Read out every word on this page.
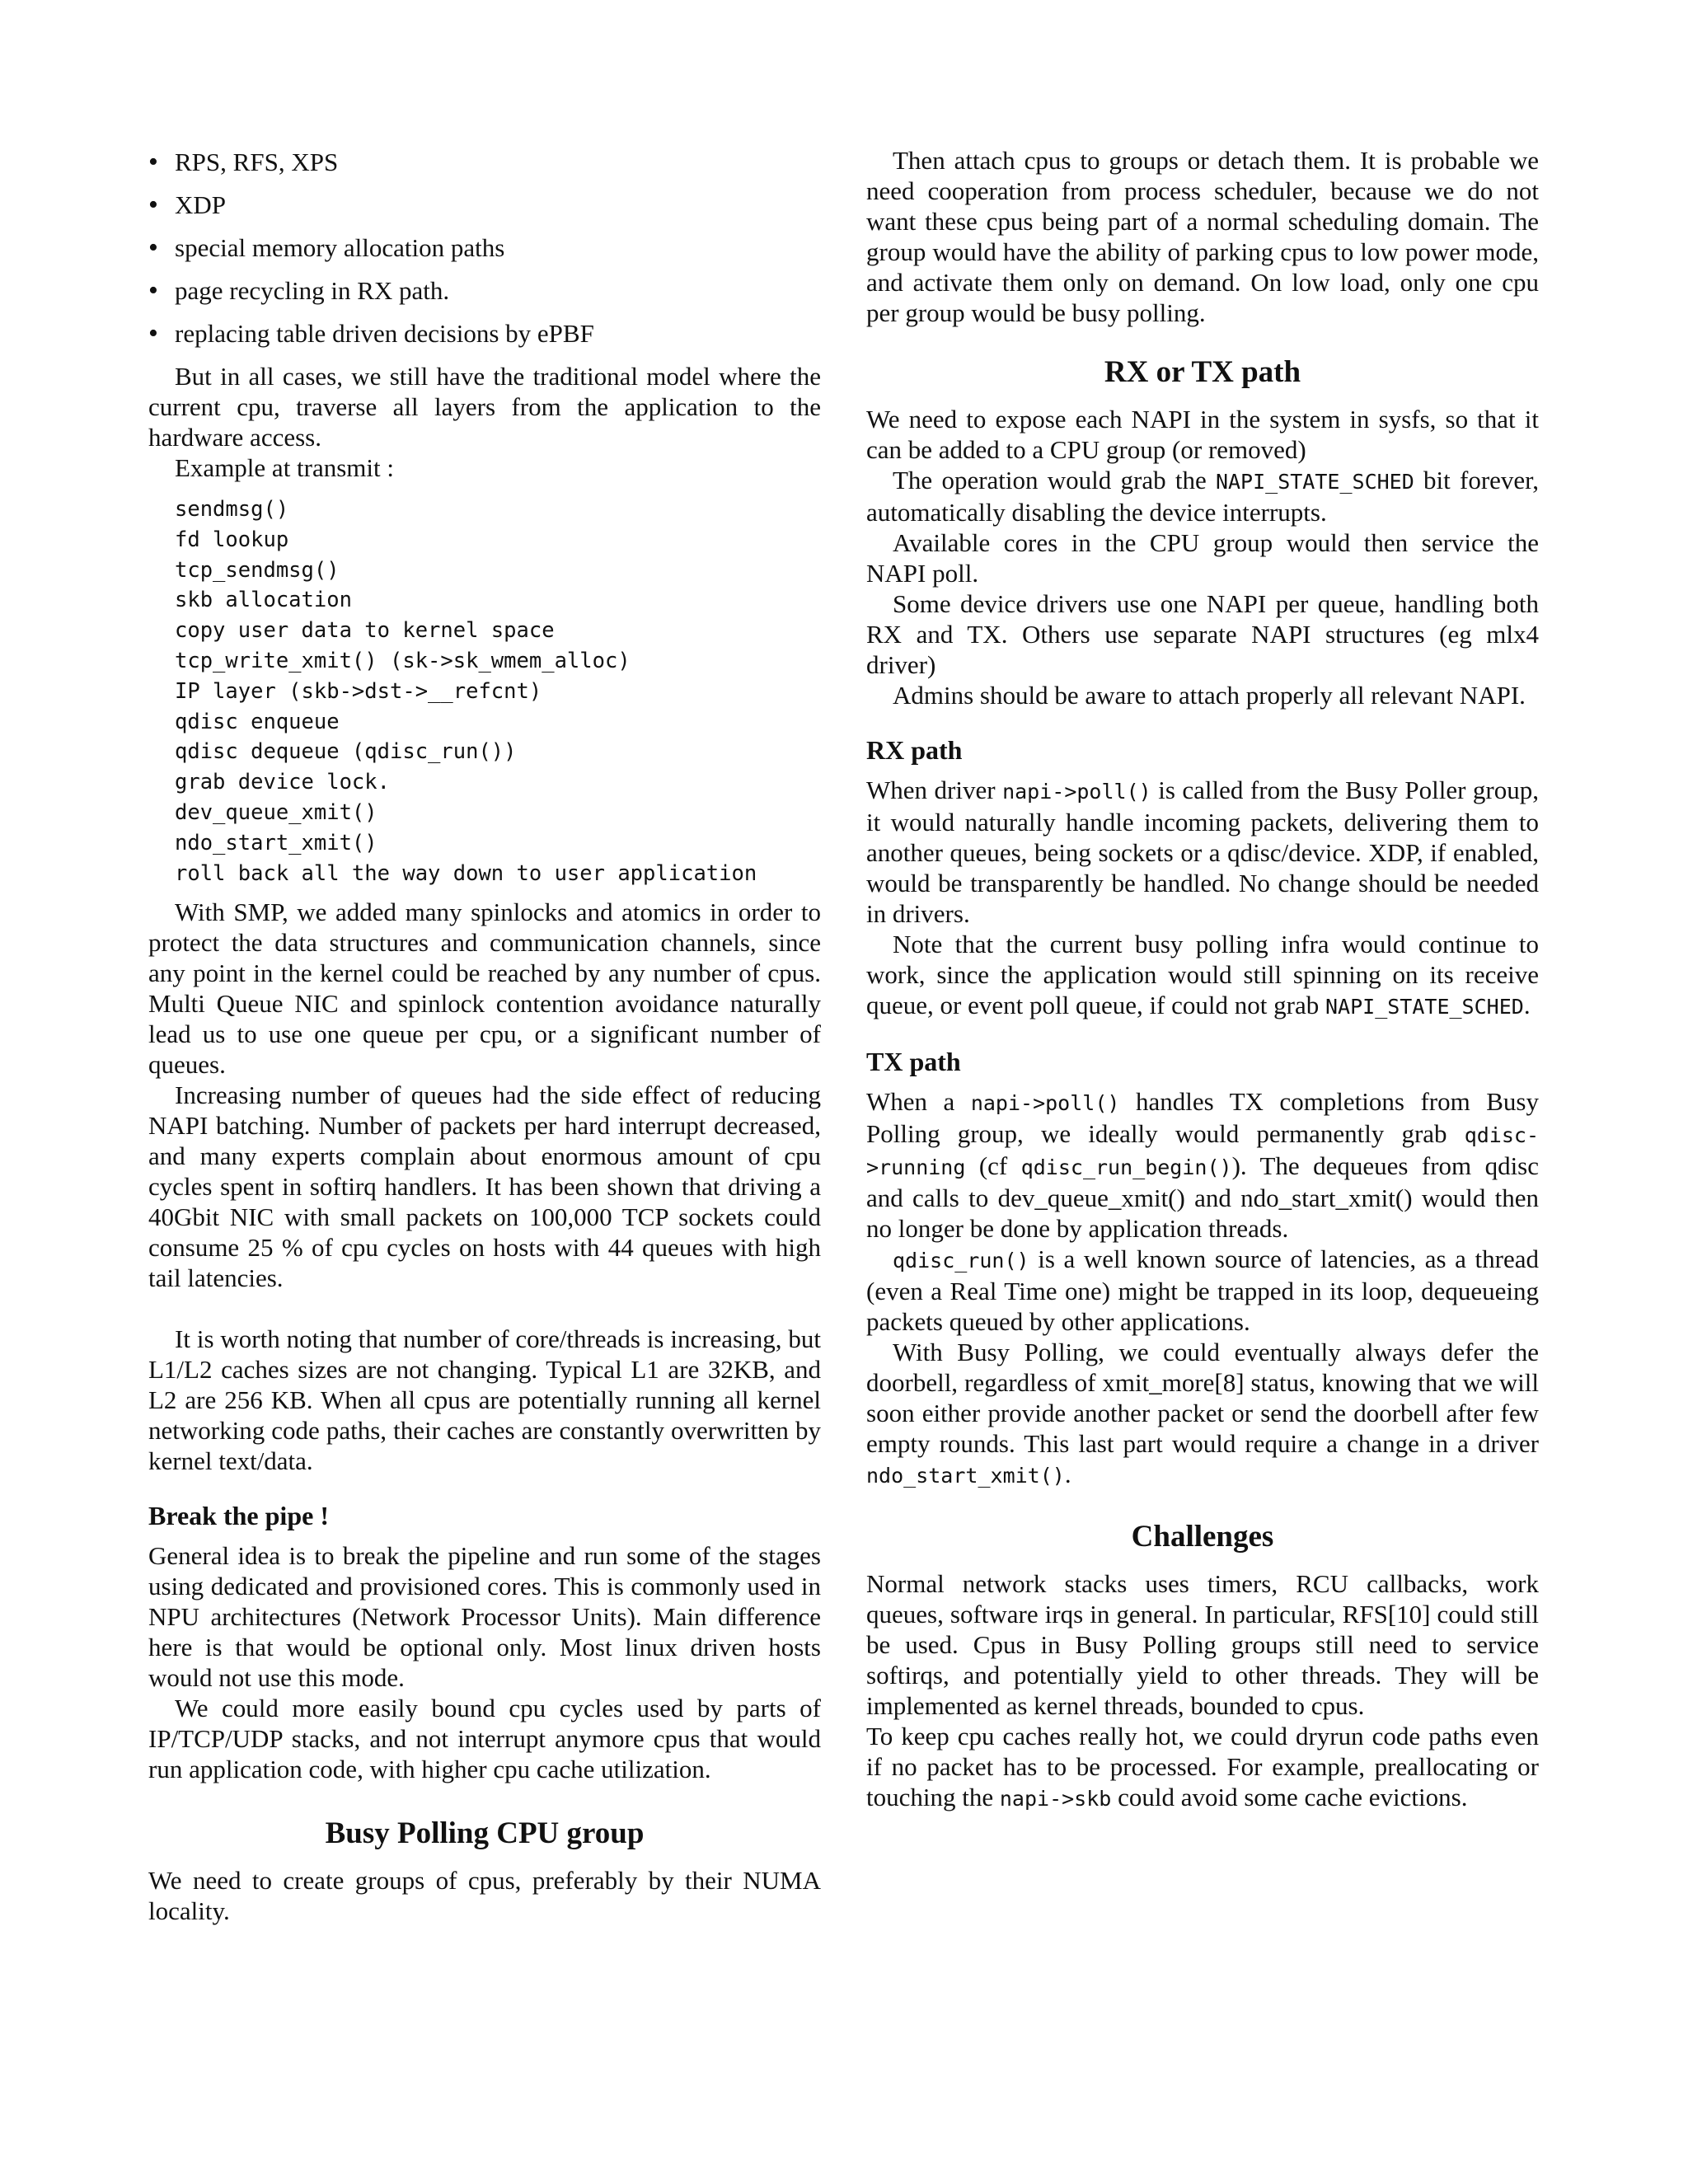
• RPS, RFS, XPS
• XDP
• special memory allocation paths
• page recycling in RX path.
• replacing table driven decisions by ePBF

But in all cases, we still have the traditional model where the current cpu, traverse all layers from the application to the hardware access.

Example at transmit :

sendmsg()
fd lookup
tcp_sendmsg()
skb allocation
copy user data to kernel space
tcp_write_xmit() (sk->sk_wmem_alloc)
IP layer (skb->dst->__refcnt)
qdisc enqueue
qdisc dequeue (qdisc_run())
grab device lock.
dev_queue_xmit()
ndo_start_xmit()
roll back all the way down to user application

With SMP, we added many spinlocks and atomics in order to protect the data structures and communication channels, since any point in the kernel could be reached by any number of cpus. Multi Queue NIC and spinlock contention avoidance naturally lead us to use one queue per cpu, or a significant number of queues.

Increasing number of queues had the side effect of reducing NAPI batching. Number of packets per hard interrupt decreased, and many experts complain about enormous amount of cpu cycles spent in softirq handlers. It has been shown that driving a 40Gbit NIC with small packets on 100,000 TCP sockets could consume 25 % of cpu cycles on hosts with 44 queues with high tail latencies.

It is worth noting that number of core/threads is increasing, but L1/L2 caches sizes are not changing. Typical L1 are 32KB, and L2 are 256 KB. When all cpus are potentially running all kernel networking code paths, their caches are constantly overwritten by kernel text/data.

Break the pipe !

General idea is to break the pipeline and run some of the stages using dedicated and provisioned cores. This is commonly used in NPU architectures (Network Processor Units). Main difference here is that would be optional only. Most linux driven hosts would not use this mode.

We could more easily bound cpu cycles used by parts of IP/TCP/UDP stacks, and not interrupt anymore cpus that would run application code, with higher cpu cache utilization.

Busy Polling CPU group

We need to create groups of cpus, preferably by their NUMA locality.

Then attach cpus to groups or detach them. It is probable we need cooperation from process scheduler, because we do not want these cpus being part of a normal scheduling domain. The group would have the ability of parking cpus to low power mode, and activate them only on demand. On low load, only one cpu per group would be busy polling.

RX or TX path

We need to expose each NAPI in the system in sysfs, so that it can be added to a CPU group (or removed)

The operation would grab the NAPI_STATE_SCHED bit forever, automatically disabling the device interrupts.

Available cores in the CPU group would then service the NAPI poll.

Some device drivers use one NAPI per queue, handling both RX and TX. Others use separate NAPI structures (eg mlx4 driver)

Admins should be aware to attach properly all relevant NAPI.

RX path

When driver napi->poll() is called from the Busy Poller group, it would naturally handle incoming packets, delivering them to another queues, being sockets or a qdisc/device. XDP, if enabled, would be transparently be handled. No change should be needed in drivers.

Note that the current busy polling infra would continue to work, since the application would still spinning on its receive queue, or event poll queue, if could not grab NAPI_STATE_SCHED.

TX path

When a napi->poll() handles TX completions from Busy Polling group, we ideally would permanently grab qdisc->running (cf qdisc_run_begin()). The dequeues from qdisc and calls to dev_queue_xmit() and ndo_start_xmit() would then no longer be done by application threads.

qdisc_run() is a well known source of latencies, as a thread (even a Real Time one) might be trapped in its loop, dequeueing packets queued by other applications.

With Busy Polling, we could eventually always defer the doorbell, regardless of xmit_more[8] status, knowing that we will soon either provide another packet or send the doorbell after few empty rounds. This last part would require a change in a driver ndo_start_xmit().

Challenges

Normal network stacks uses timers, RCU callbacks, work queues, software irqs in general. In particular, RFS[10] could still be used. Cpus in Busy Polling groups still need to service softirqs, and potentially yield to other threads. They will be implemented as kernel threads, bounded to cpus.

To keep cpu caches really hot, we could dryrun code paths even if no packet has to be processed. For example, preallocating or touching the napi->skb could avoid some cache evictions.
